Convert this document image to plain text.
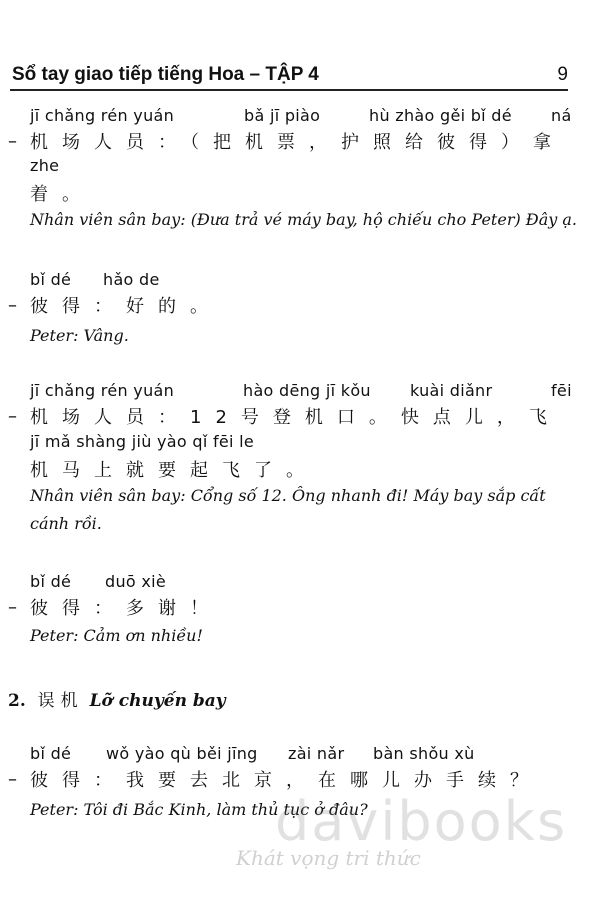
Sổ tay giao tiếp tiếng Hoa – TẬP 4	9
jī chǎng rén yuán	bǎ jī piào	hù zhào gěi bǐ dé ná
– 机场人员：（把机票，护照给彼得）拿
zhe
着。
Nhân viên sân bay: (Đưa trả vé máy bay, hộ chiếu cho Peter) Đây ạ.
bǐ dé hǎo de
– 彼得：好的。
Peter: Vâng.
jī chǎng rén yuán	hào dēng jī kǒu kuài diǎnr	fēi
– 机场人员：12号登机口。快点儿，飞
jī mǎ shàng jiù yào qǐ fēi le
机马上就要起飞了。
Nhân viên sân bay: Cổng số 12. Ông nhanh đi! Máy bay sắp cất
cánh rồi.
bǐ dé duō xiè
– 彼得：多谢！
Peter: Cảm ơn nhiều!
2. 误机 Lỡ chuyến bay
bǐ dé wǒ yào qù běi jīng zài nǎr bàn shǒu xù
– 彼得：我要去北京，在哪儿办手续？
Peter: Tôi đi Bắc Kinh, làm thủ tục ở đâu?
davibooks
Khát vọng tri thức
